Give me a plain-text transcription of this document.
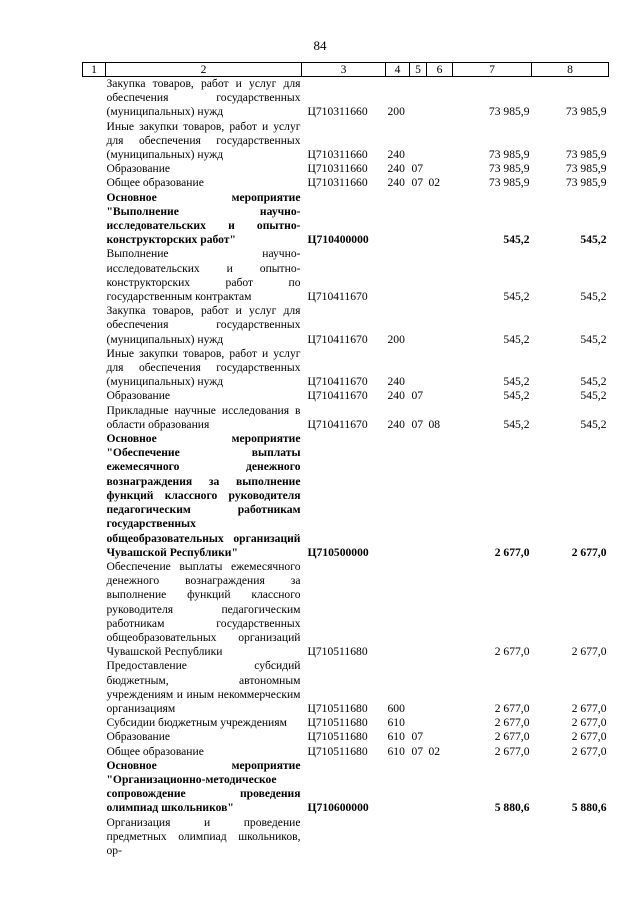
84
1	2	3	4	5	6	7	8
	Закупка товаров, работ и услуг для обеспечения государственных (муниципальных) нужд	Ц710311660	200			73 985,9	73 985,9
	Иные закупки товаров, работ и услуг для обеспечения государственных (муниципальных) нужд	Ц710311660	240			73 985,9	73 985,9
	Образование	Ц710311660	240	07		73 985,9	73 985,9
	Общее образование	Ц710311660	240	07	02	73 985,9	73 985,9
	Основное мероприятие "Выполнение научно-исследовательских и опытно-конструкторских работ"	Ц710400000				545,2	545,2
	Выполнение научно-исследовательских и опытно-конструкторских работ по государственным контрактам	Ц710411670				545,2	545,2
	Закупка товаров, работ и услуг для обеспечения государственных (муниципальных) нужд	Ц710411670	200			545,2	545,2
	Иные закупки товаров, работ и услуг для обеспечения государственных (муниципальных) нужд	Ц710411670	240			545,2	545,2
	Образование	Ц710411670	240	07		545,2	545,2
	Прикладные научные исследования в области образования	Ц710411670	240	07	08	545,2	545,2
	Основное мероприятие "Обеспечение выплаты ежемесячного денежного вознаграждения за выполнение функций классного руководителя педагогическим работникам государственных общеобразовательных организаций Чувашской Республики"	Ц710500000				2 677,0	2 677,0
	Обеспечение выплаты ежемесячного денежного вознаграждения за выполнение функций классного руководителя педагогическим работникам государственных общеобразовательных организаций Чувашской Республики	Ц710511680				2 677,0	2 677,0
	Предоставление субсидий бюджетным, автономным учреждениям и иным некоммерческим организациям	Ц710511680	600			2 677,0	2 677,0
	Субсидии бюджетным учреждениям	Ц710511680	610			2 677,0	2 677,0
	Образование	Ц710511680	610	07		2 677,0	2 677,0
	Общее образование	Ц710511680	610	07	02	2 677,0	2 677,0
	Основное мероприятие "Организационно-методическое сопровождение проведения олимпиад школьников"	Ц710600000				5 880,6	5 880,6
	Организация и проведение предметных олимпиад школьников, ор-						
